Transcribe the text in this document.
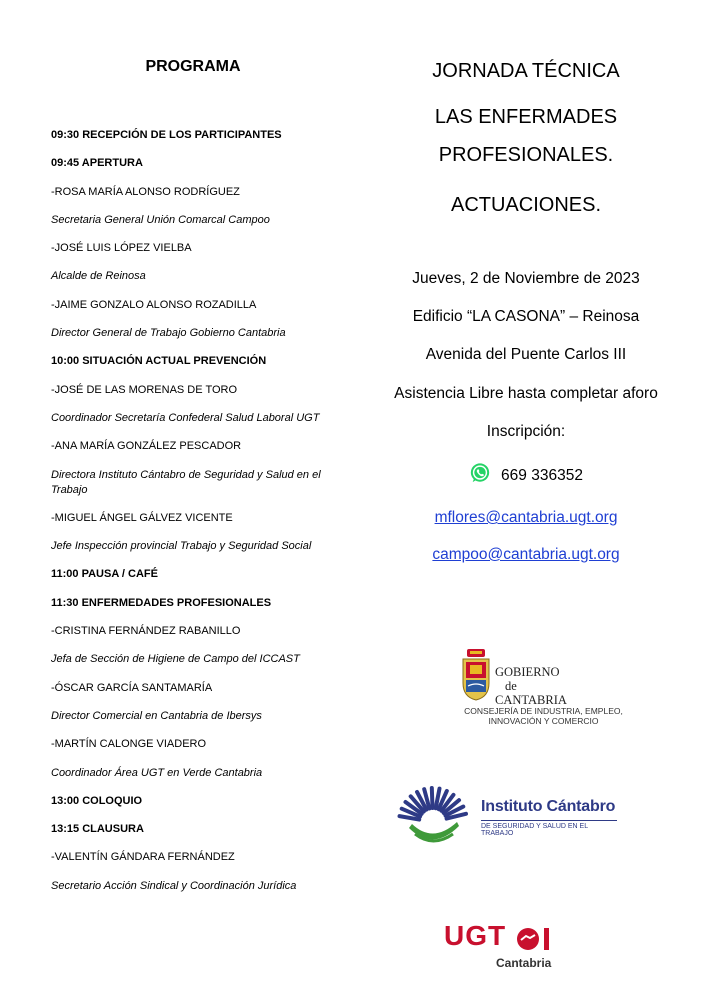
PROGRAMA
09:30 RECEPCIÓN DE LOS PARTICIPANTES
09:45 APERTURA
-ROSA MARÍA ALONSO RODRÍGUEZ
Secretaria General Unión Comarcal Campoo
-JOSÉ LUIS LÓPEZ VIELBA
Alcalde de Reinosa
-JAIME GONZALO ALONSO ROZADILLA
Director General de Trabajo Gobierno Cantabria
10:00 SITUACIÓN ACTUAL PREVENCIÓN
-JOSÉ DE LAS MORENAS DE TORO
Coordinador Secretaría Confederal Salud Laboral UGT
-ANA MARÍA GONZÁLEZ PESCADOR
Directora Instituto Cántabro de Seguridad y Salud en el Trabajo
-MIGUEL ÁNGEL GÁLVEZ VICENTE
Jefe Inspección provincial Trabajo y Seguridad Social
11:00 PAUSA / CAFÉ
11:30 ENFERMEDADES PROFESIONALES
-CRISTINA FERNÁNDEZ RABANILLO
Jefa de Sección de Higiene de Campo del ICCAST
-ÓSCAR GARCÍA SANTAMARÍA
Director Comercial en Cantabria de Ibersys
-MARTÍN CALONGE VIADERO
Coordinador Área UGT en Verde Cantabria
13:00 COLOQUIO
13:15 CLAUSURA
-VALENTÍN GÁNDARA FERNÁNDEZ
Secretario Acción Sindical y Coordinación Jurídica

JORNADA TÉCNICA

LAS ENFERMADES

PROFESIONALES.

ACTUACIONES.

Jueves, 2 de Noviembre de 2023

Edificio “LA CASONA” – Reinosa

Avenida del Puente Carlos III

Asistencia Libre hasta completar aforo

Inscripción:

669 336352

mflores@cantabria.ugt.org

campoo@cantabria.ugt.org

GOBIERNO
de
CANTABRIA
CONSEJERÍA DE INDUSTRIA, EMPLEO,
INNOVACIÓN Y COMERCIO
Instituto Cántabro
DE SEGURIDAD Y SALUD EN EL TRABAJO
UGT
Cantabria
